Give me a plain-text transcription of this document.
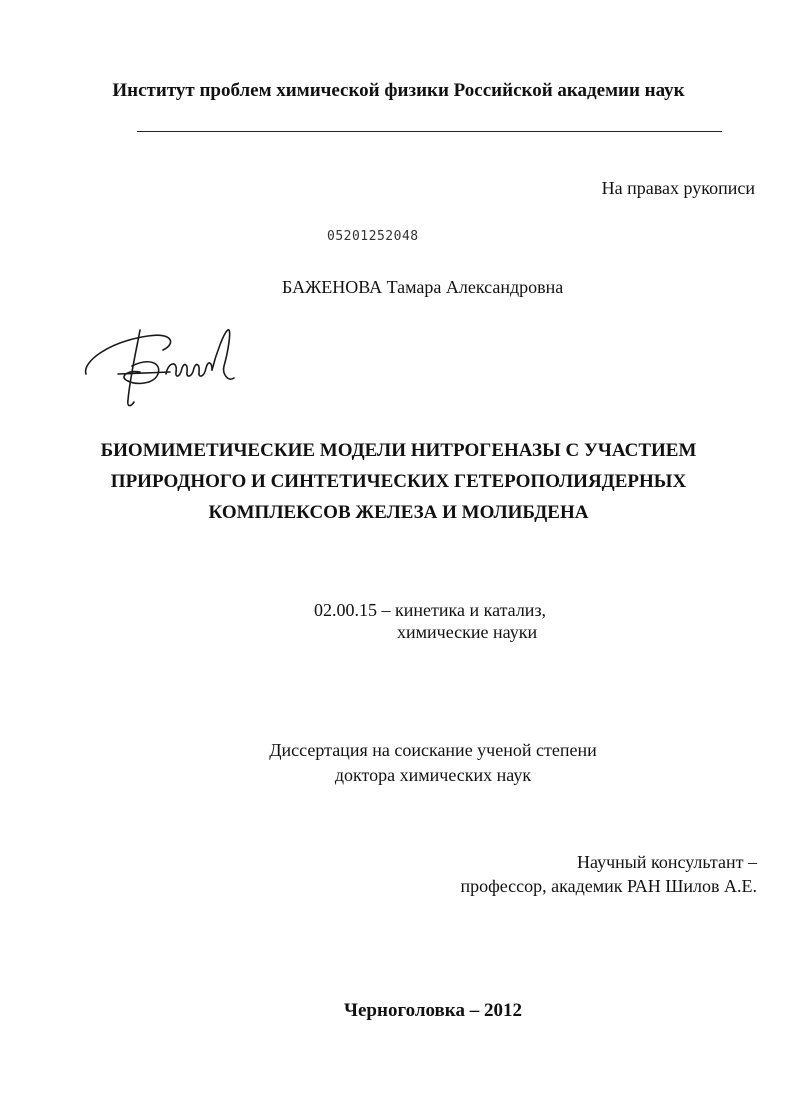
Институт проблем химической физики Российской академии наук
На правах рукописи
05201252048
БАЖЕНОВА Тамара Александровна
БИОМИМЕТИЧЕСКИЕ МОДЕЛИ НИТРОГЕНАЗЫ С УЧАСТИЕМ
ПРИРОДНОГО И СИНТЕТИЧЕСКИХ ГЕТЕРОПОЛИЯДЕРНЫХ
КОМПЛЕКСОВ ЖЕЛЕЗА И МОЛИБДЕНА
02.00.15 – кинетика и катализ,
химические науки
Диссертация на соискание ученой степени
доктора химических наук
Научный консультант –
профессор, академик РАН Шилов А.Е.
Черноголовка – 2012
